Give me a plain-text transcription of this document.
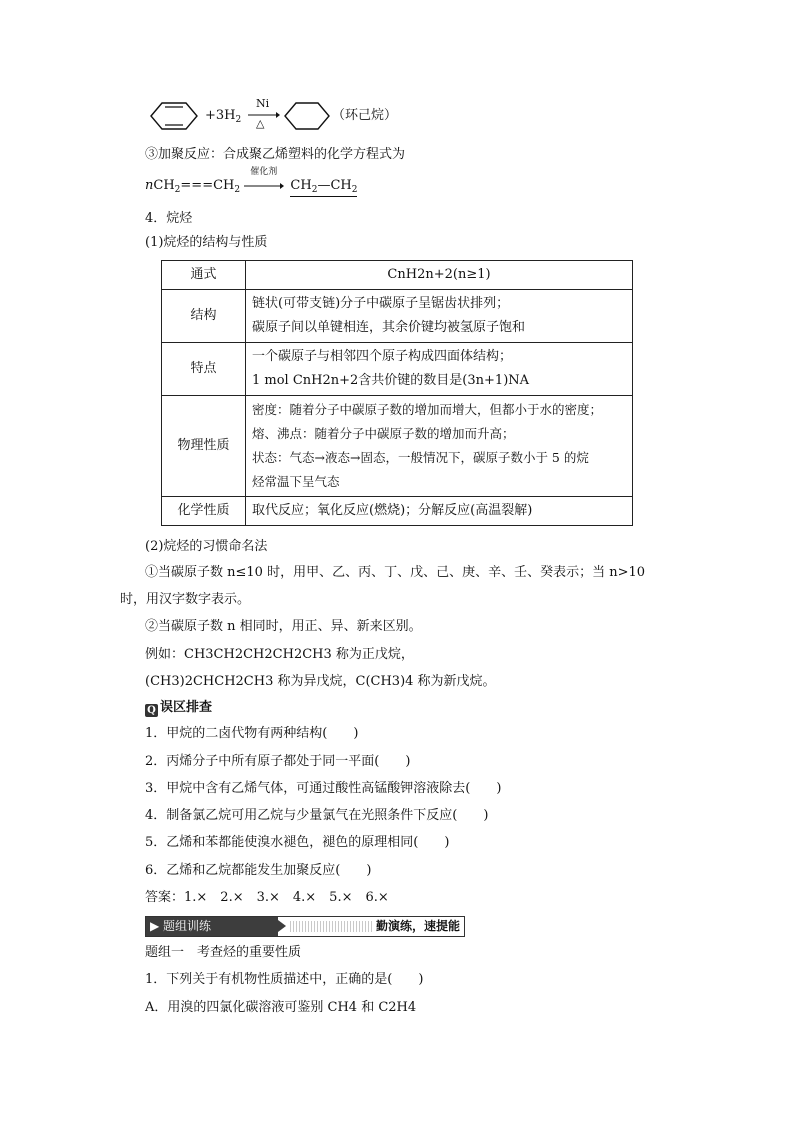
$+3H_2$
Ni
△
（环己烷）
③加聚反应：合成聚乙烯塑料的化学方程式为
$nCH_2===CH_2$
催化剂
$CH_2—CH_2$
4．烷烃
(1)烷烃的结构与性质
通式	CnH2n+2(n≥1)
结构	链状(可带支链)分子中碳原子呈锯齿状排列；
碳原子间以单键相连，其余价键均被氢原子饱和

特点	一个碳原子与相邻四个原子构成四面体结构；
1 mol CnH2n+2含共价键的数目是(3n+1)NA

物理性质	密度：随着分子中碳原子数的增加而增大，但都小于水的密度；
熔、沸点：随着分子中碳原子数的增加而升高；
状态：气态→液态→固态，一般情况下，碳原子数小于 5 的烷
烃常温下呈气态

化学性质	取代反应；氧化反应(燃烧)；分解反应(高温裂解)
(2)烷烃的习惯命名法
①当碳原子数 n≤10 时，用甲、乙、丙、丁、戊、己、庚、辛、壬、癸表示；当 n>10
时，用汉字数字表示。
②当碳原子数 n 相同时，用正、异、新来区别。
例如：CH3CH2CH2CH2CH3 称为正戊烷，
(CH3)2CHCH2CH3 称为异戊烷，C(CH3)4 称为新戊烷。
Q 误区排查
1．甲烷的二卤代物有两种结构(　　)
2．丙烯分子中所有原子都处于同一平面(　　)
3．甲烷中含有乙烯气体，可通过酸性高锰酸钾溶液除去(　　)
4．制备氯乙烷可用乙烷与少量氯气在光照条件下反应(　　)
5．乙烯和苯都能使溴水褪色，褪色的原理相同(　　)
6．乙烯和乙烷都能发生加聚反应(　　)
答案：1.×　2.×　3.×　4.×　5.×　6.×
▶ 题组训练	勤演练，速提能
题组一　考查烃的重要性质
1．下列关于有机物性质描述中，正确的是(　　)
A．用溴的四氯化碳溶液可鉴别 CH4 和 C2H4
